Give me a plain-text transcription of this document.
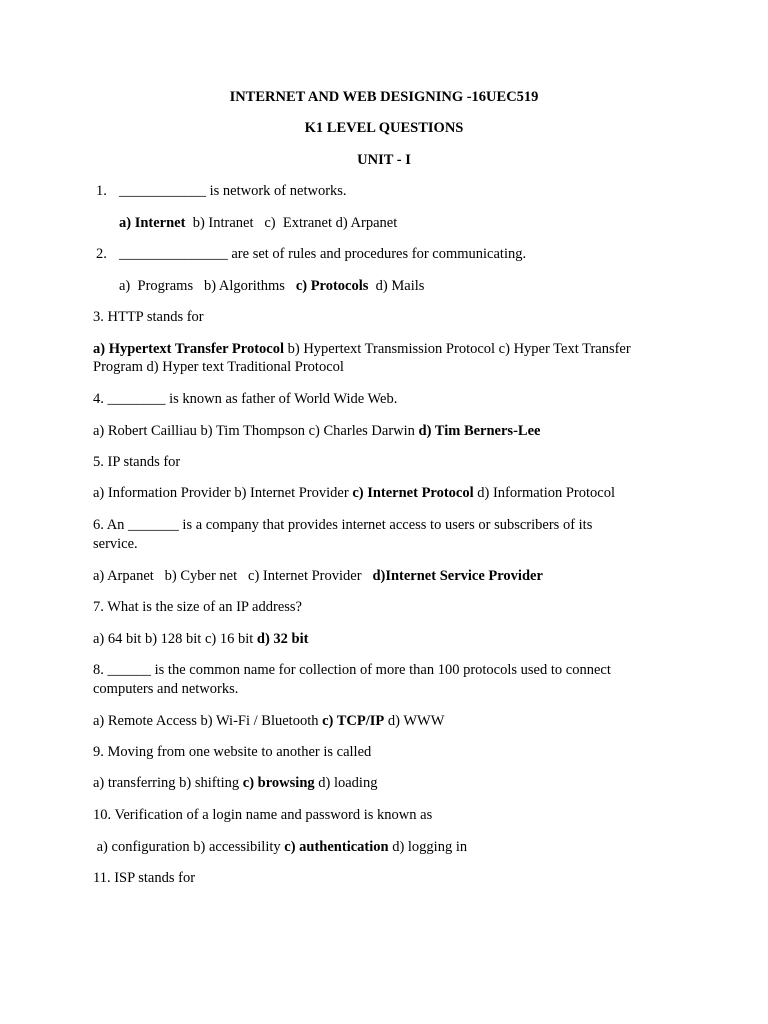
INTERNET AND WEB DESIGNING -16UEC519
K1 LEVEL QUESTIONS
UNIT - I
1. ____________ is network of networks.
a) Internet  b) Intranet   c)  Extranet d) Arpanet
2. _______________ are set of rules and procedures for communicating.
a)  Programs   b) Algorithms   c) Protocols  d) Mails
3. HTTP stands for
a) Hypertext Transfer Protocol b) Hypertext Transmission Protocol c) Hyper Text Transfer
Program d) Hyper text Traditional Protocol
4. ________ is known as father of World Wide Web.
a) Robert Cailliau b) Tim Thompson c) Charles Darwin d) Tim Berners-Lee
5. IP stands for
a) Information Provider b) Internet Provider c) Internet Protocol d) Information Protocol
6. An _______ is a company that provides internet access to users or subscribers of its
service.
a) Arpanet   b) Cyber net   c) Internet Provider   d)Internet Service Provider
7. What is the size of an IP address?
a) 64 bit b) 128 bit c) 16 bit d) 32 bit
8. ______ is the common name for collection of more than 100 protocols used to connect
computers and networks.
a) Remote Access b) Wi-Fi / Bluetooth c) TCP/IP d) WWW
9. Moving from one website to another is called
a) transferring b) shifting c) browsing d) loading
10. Verification of a login name and password is known as
a) configuration b) accessibility c) authentication d) logging in
11. ISP stands for
